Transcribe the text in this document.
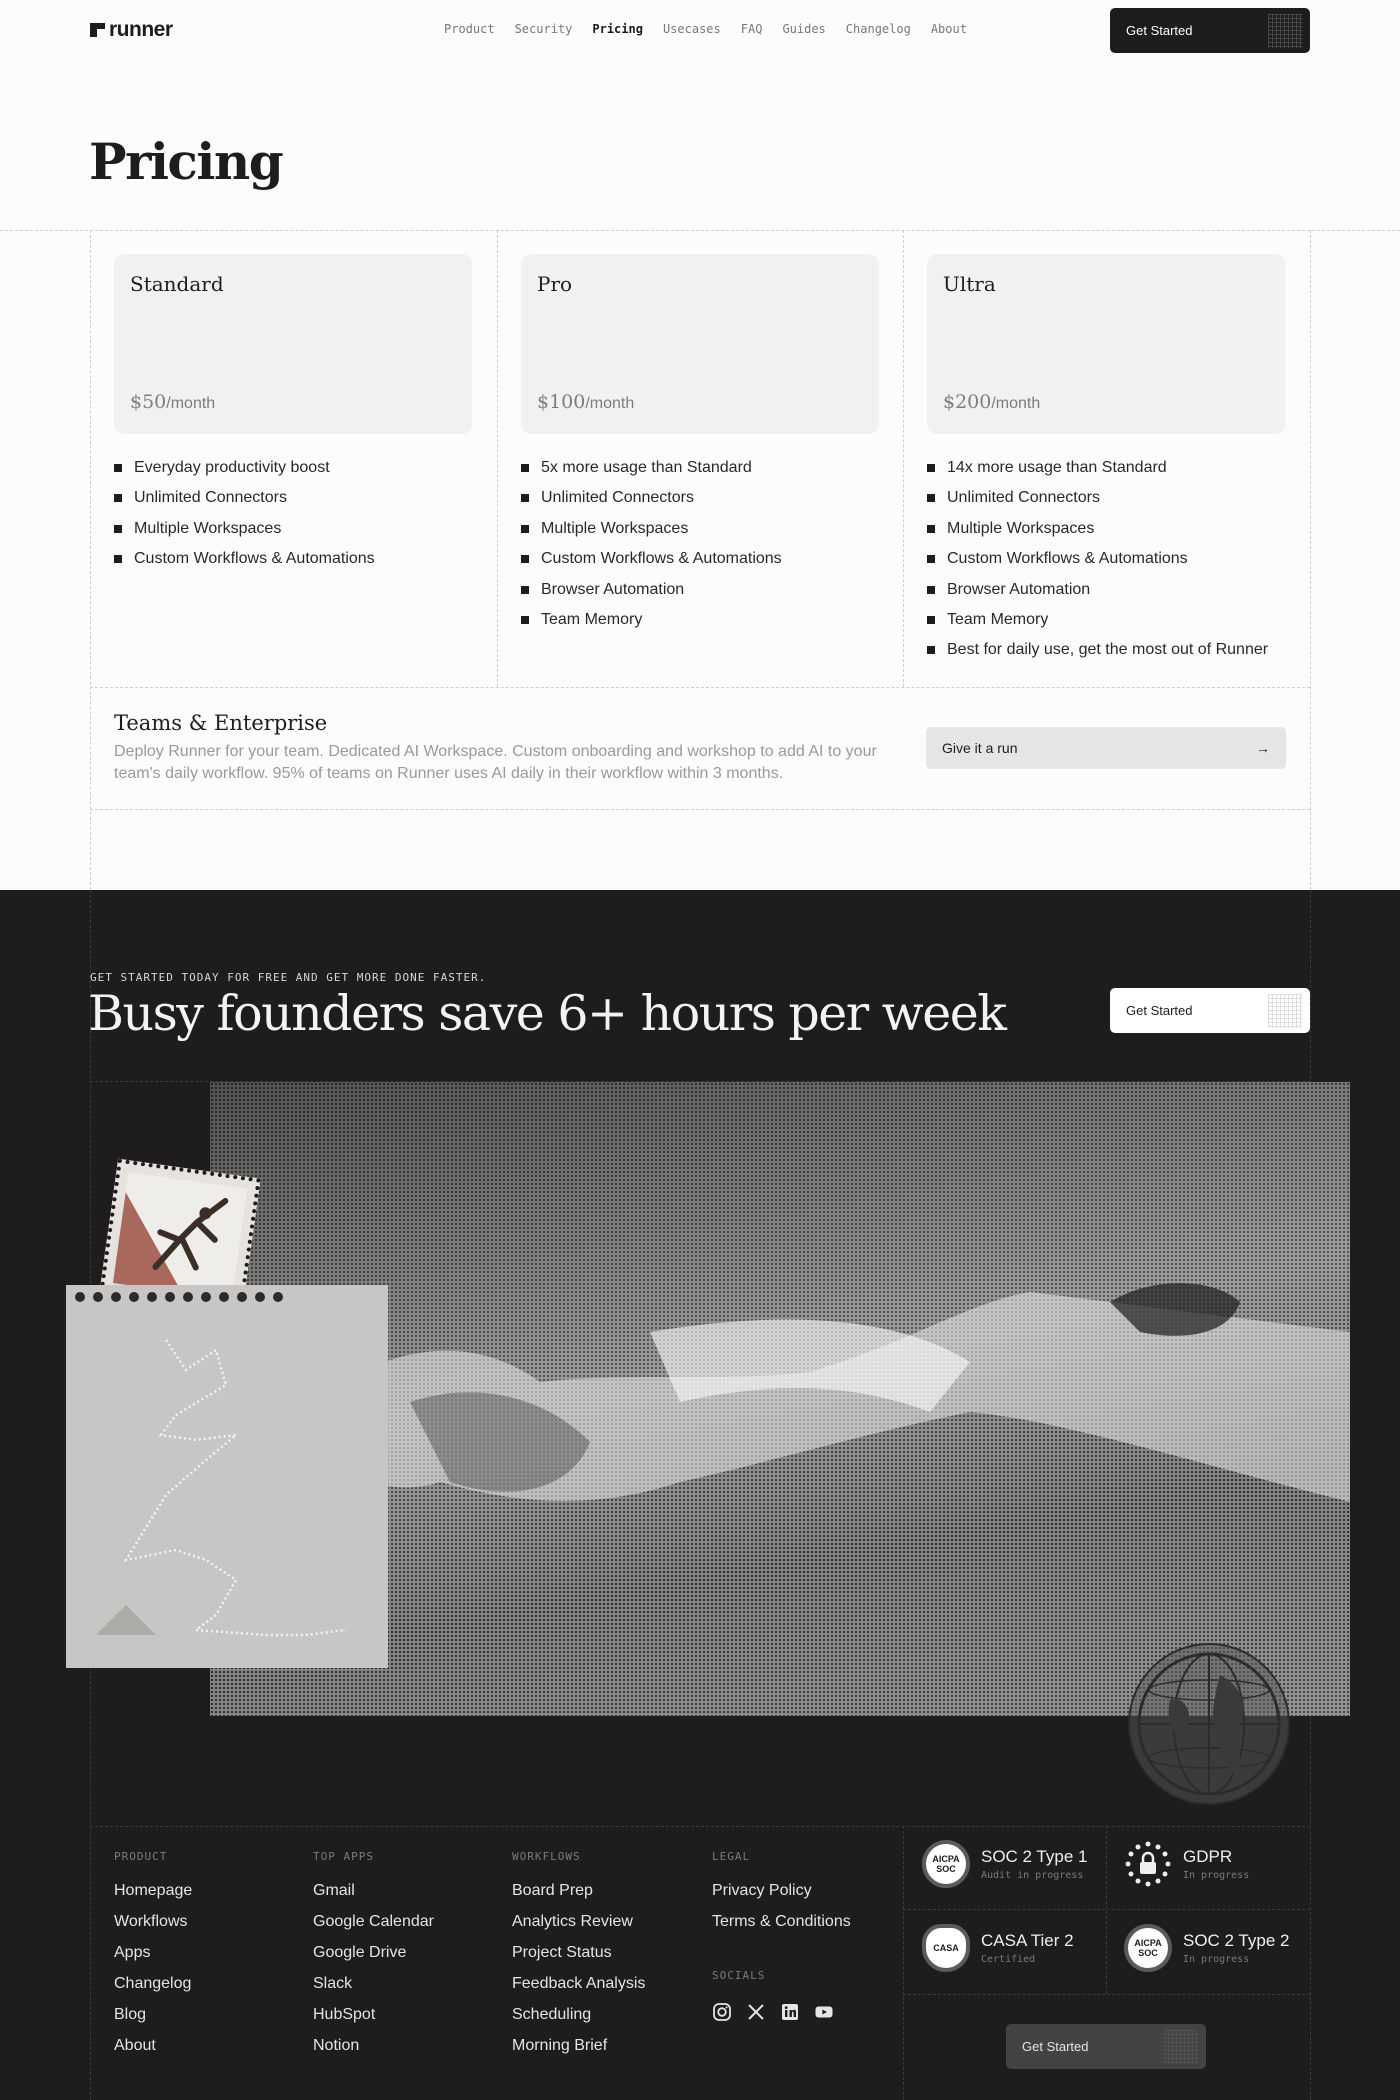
runner	Product Security Pricing Usecases FAQ Guides Changelog About	Get Started
Pricing
Standard
$50/month
Pro
$100/month
Ultra
$200/month
Everyday productivity boost
Unlimited Connectors
Multiple Workspaces
Custom Workflows & Automations
5x more usage than Standard
Unlimited Connectors
Multiple Workspaces
Custom Workflows & Automations
Browser Automation
Team Memory
14x more usage than Standard
Unlimited Connectors
Multiple Workspaces
Custom Workflows & Automations
Browser Automation
Team Memory
Best for daily use, get the most out of Runner
Teams & Enterprise
Deploy Runner for your team. Dedicated AI Workspace. Custom onboarding and workshop to add AI to your team's daily workflow. 95% of teams on Runner uses AI daily in their workflow within 3 months.
Give it a run	→
GET STARTED TODAY FOR FREE AND GET MORE DONE FASTER.
Busy founders save 6+ hours per week	Get Started
PRODUCT
Homepage
Workflows
Apps
Changelog
Blog
About
TOP APPS
Gmail
Google Calendar
Google Drive
Slack
HubSpot
Notion
WORKFLOWS
Board Prep
Analytics Review
Project Status
Feedback Analysis
Scheduling
Morning Brief
LEGAL
Privacy Policy
Terms & Conditions
SOCIALS
AICPA SOC
SOC 2 Type 1
Audit in progress
GDPR
In progress
CASA	CASA Tier 2
Certified
AICPA SOC
SOC 2 Type 2
In progress
Get Started
